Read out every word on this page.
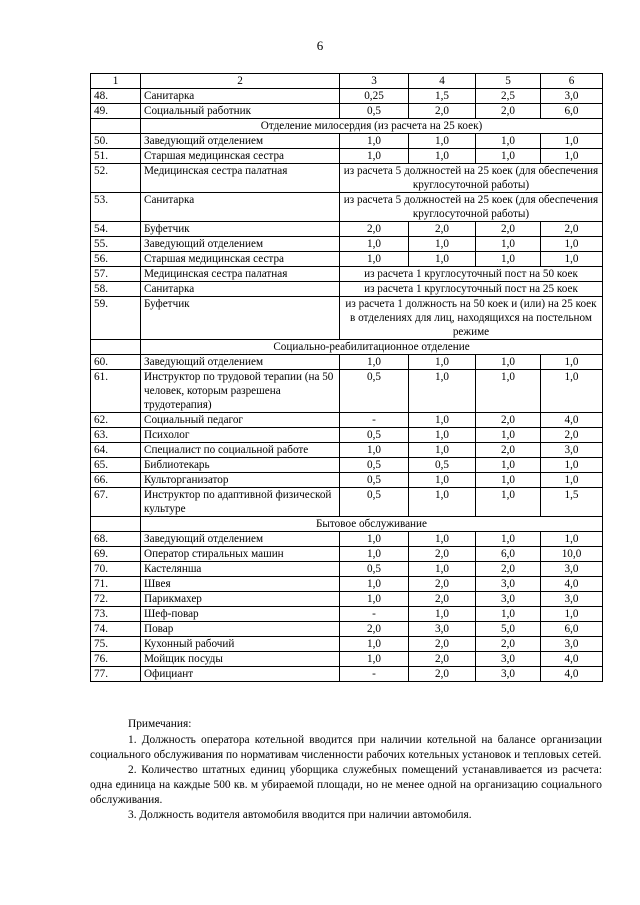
6
1	2	3	4	5	6
48.	Санитарка	0,25	1,5	2,5	3,0
49.	Социальный работник	0,5	2,0	2,0	6,0
	Отделение милосердия (из расчета на 25 коек)				
50.	Заведующий отделением	1,0	1,0	1,0	1,0
51.	Старшая медицинская сестра	1,0	1,0	1,0	1,0
52.	Медицинская сестра палатная	из расчета 5 должностей на 25 коек (для обеспечения круглосуточной работы)			
53.	Санитарка	из расчета 5 должностей на 25 коек (для обеспечения круглосуточной работы)			
54.	Буфетчик	2,0	2,0	2,0	2,0
55.	Заведующий отделением	1,0	1,0	1,0	1,0
56.	Старшая медицинская сестра	1,0	1,0	1,0	1,0
57.	Медицинская сестра палатная	из расчета 1 круглосуточный пост на 50 коек			
58.	Санитарка	из расчета 1 круглосуточный пост на 25 коек			
59.	Буфетчик	из расчета 1 должность на 50 коек и (или) на 25 коек в отделениях для лиц, находящихся на постельном режиме			
	Социально-реабилитационное отделение				
60.	Заведующий отделением	1,0	1,0	1,0	1,0
61.	Инструктор по трудовой терапии (на 50 человек, которым разрешена трудотерапия)	0,5	1,0	1,0	1,0
62.	Социальный педагог	-	1,0	2,0	4,0
63.	Психолог	0,5	1,0	1,0	2,0
64.	Специалист по социальной работе	1,0	1,0	2,0	3,0
65.	Библиотекарь	0,5	0,5	1,0	1,0
66.	Культорганизатор	0,5	1,0	1,0	1,0
67.	Инструктор по адаптивной физической культуре	0,5	1,0	1,0	1,5
	Бытовое обслуживание				
68.	Заведующий отделением	1,0	1,0	1,0	1,0
69.	Оператор стиральных машин	1,0	2,0	6,0	10,0
70.	Кастелянша	0,5	1,0	2,0	3,0
71.	Швея	1,0	2,0	3,0	4,0
72.	Парикмахер	1,0	2,0	3,0	3,0
73.	Шеф-повар	-	1,0	1,0	1,0
74.	Повар	2,0	3,0	5,0	6,0
75.	Кухонный рабочий	1,0	2,0	2,0	3,0
76.	Мойщик посуды	1,0	2,0	3,0	4,0
77.	Официант	-	2,0	3,0	4,0

Примечания:

1. Должность оператора котельной вводится при наличии котельной на балансе организации социального обслуживания по нормативам численности рабочих котельных установок и тепловых сетей.

2. Количество штатных единиц уборщика служебных помещений устанавливается из расчета: одна единица на каждые 500 кв. м убираемой площади, но не менее одной на организацию социального обслуживания.

3. Должность водителя автомобиля вводится при наличии автомобиля.
